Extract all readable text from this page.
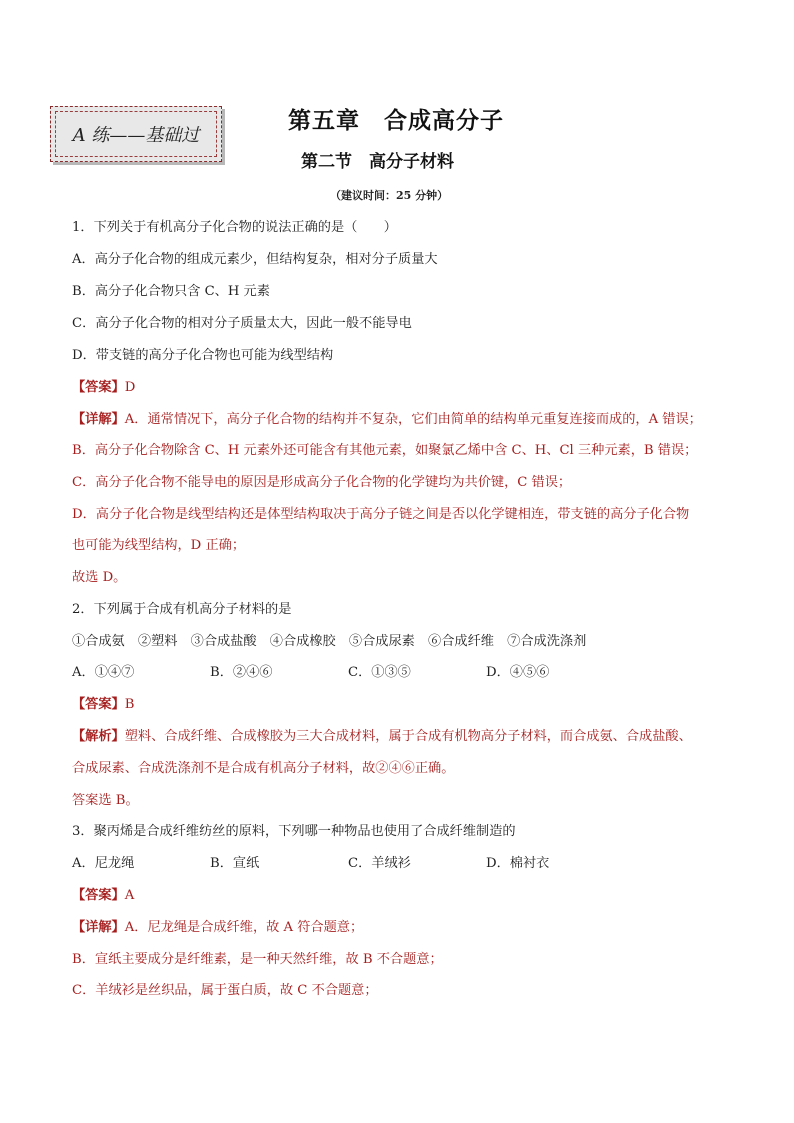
A 练——基础过
第五章　合成高分子
第二节　高分子材料
（建议时间：25 分钟）
1．下列关于有机高分子化合物的说法正确的是（　　）
A．高分子化合物的组成元素少，但结构复杂，相对分子质量大
B．高分子化合物只含 C、H 元素
C．高分子化合物的相对分子质量太大，因此一般不能导电
D．带支链的高分子化合物也可能为线型结构
【答案】D
【详解】A．通常情况下，高分子化合物的结构并不复杂，它们由简单的结构单元重复连接而成的，A 错误；
B．高分子化合物除含 C、H 元素外还可能含有其他元素，如聚氯乙烯中含 C、H、Cl 三种元素，B 错误；
C．高分子化合物不能导电的原因是形成高分子化合物的化学键均为共价键，C 错误；
D．高分子化合物是线型结构还是体型结构取决于高分子链之间是否以化学键相连，带支链的高分子化合物
也可能为线型结构，D 正确；
故选 D。
2．下列属于合成有机高分子材料的是
①合成氨　②塑料　③合成盐酸　④合成橡胶　⑤合成尿素　⑥合成纤维　⑦合成洗涤剂
A．①④⑦	B．②④⑥	C．①③⑤	D．④⑤⑥
【答案】B
【解析】塑料、合成纤维、合成橡胶为三大合成材料，属于合成有机物高分子材料，而合成氨、合成盐酸、
合成尿素、合成洗涤剂不是合成有机高分子材料，故②④⑥正确。
答案选 B。
3．聚丙烯是合成纤维纺丝的原料，下列哪一种物品也使用了合成纤维制造的
A．尼龙绳	B．宣纸	C．羊绒衫	D．棉衬衣
【答案】A
【详解】A．尼龙绳是合成纤维，故 A 符合题意；
B．宣纸主要成分是纤维素，是一种天然纤维，故 B 不合题意；
C．羊绒衫是丝织品，属于蛋白质，故 C 不合题意；
